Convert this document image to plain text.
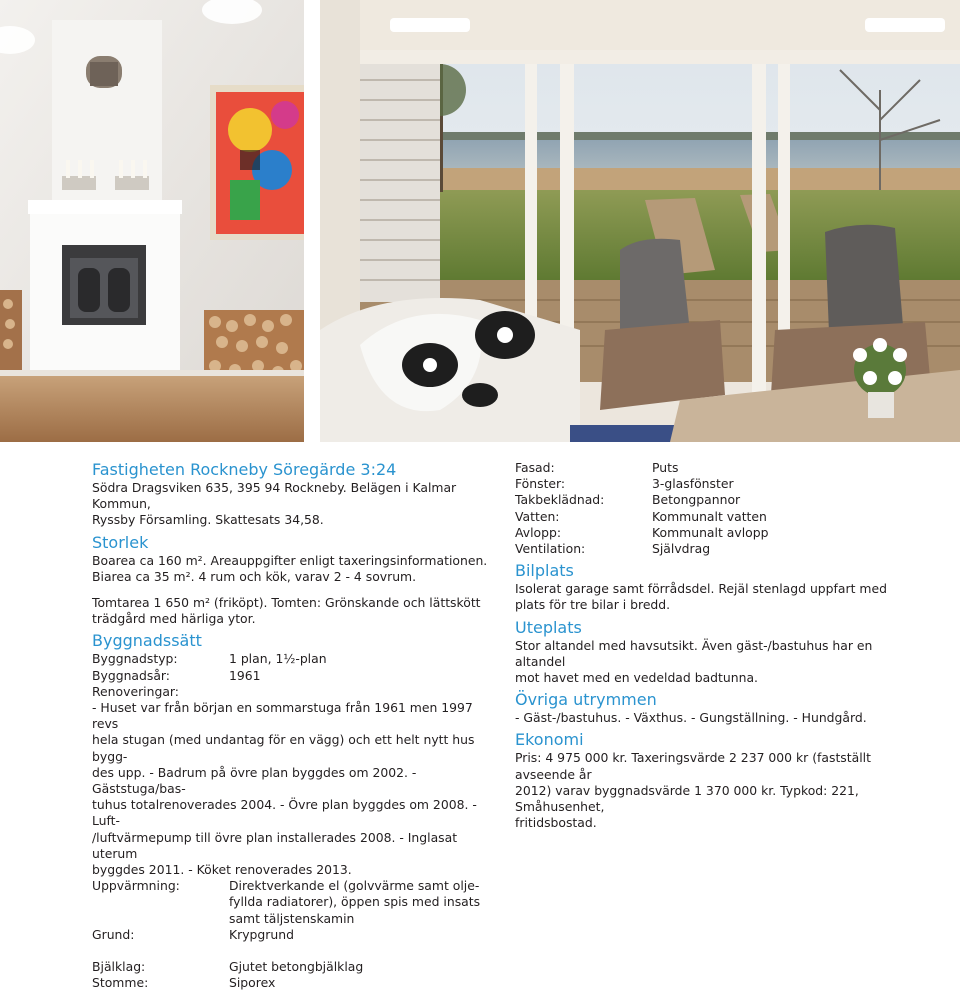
Fastigheten Rockneby Söregärde 3:24

Södra Dragsviken 635, 395 94 Rockneby. Belägen i Kalmar Kommun,

Ryssby Församling. Skattesats 34,58.

Storlek

Boarea ca 160 m². Areauppgifter enligt taxeringsinformationen.

Biarea ca 35 m². 4 rum och kök, varav 2 - 4 sovrum.

Tomtarea 1 650 m² (friköpt). Tomten: Grönskande och lättskött

trädgård med härliga ytor.

Byggnadssätt
Byggnadstyp:	1 plan, 1½-plan
Byggnadsår:	1961

Renoveringar:

- Huset var från början en sommarstuga från 1961 men 1997 revs

hela stugan (med undantag för en vägg) och ett helt nytt hus bygg-

des upp. - Badrum på övre plan byggdes om 2002. - Gäststuga/bas-

tuhus totalrenoverades 2004. - Övre plan byggdes om 2008. - Luft-

/luftvärmepump till övre plan installerades 2008. - Inglasat uterum

byggdes 2011. - Köket renoverades 2013.

Uppvärmning:	Direktverkande el (golvvärme samt olje-
fyllda radiatorer), öppen spis med insats
samt täljstenskamin
Grund:	Krypgrund
Bjälklag:	Gjutet betongbjälklag
Stomme:	Siporex
Fasad:	Puts
Fönster:	3-glasfönster
Takbeklädnad:	Betongpannor
Vatten:	Kommunalt vatten
Avlopp:	Kommunalt avlopp
Ventilation:	Självdrag
Bilplats

Isolerat garage samt förrådsdel. Rejäl stenlagd uppfart med

plats för tre bilar i bredd.

Uteplats

Stor altandel med havsutsikt. Även gäst-/bastuhus har en altandel

mot havet med en vedeldad badtunna.

Övriga utrymmen

- Gäst-/bastuhus. - Växthus. - Gungställning. - Hundgård.

Ekonomi

Pris: 4 975 000 kr. Taxeringsvärde 2 237 000 kr (fastställt avseende år

2012) varav byggnadsvärde 1 370 000 kr. Typkod: 221, Småhusenhet,

fritidsbostad.
